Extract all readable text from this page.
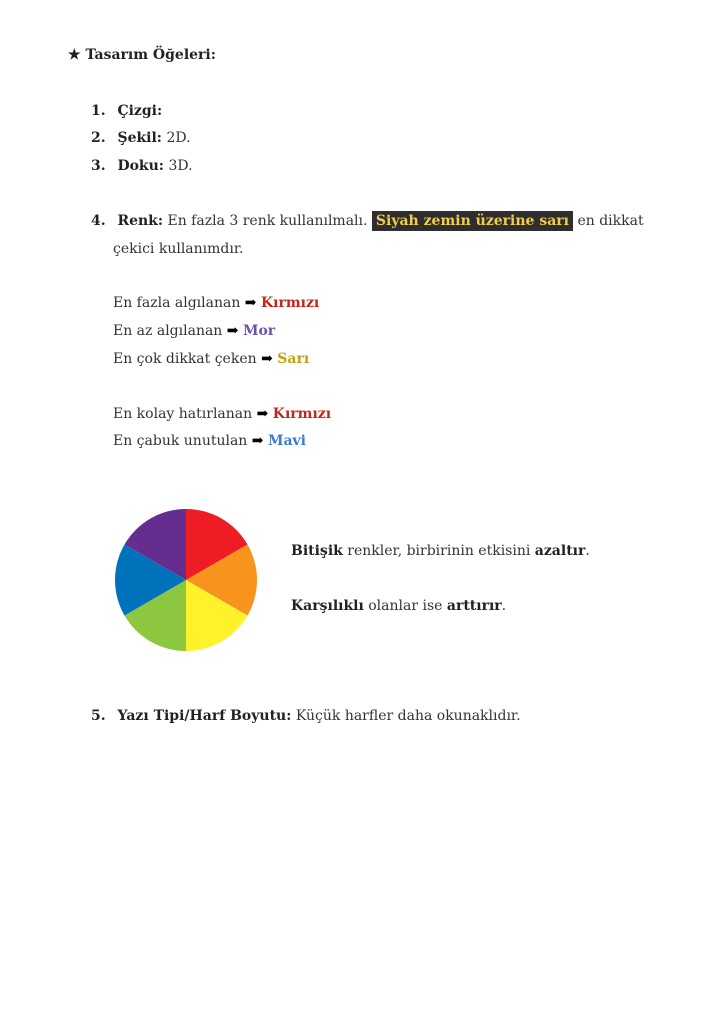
★ Tasarım Öğeleri:
1. Çizgi:
2. Şekil: 2D.
3. Doku: 3D.
4. Renk: En fazla 3 renk kullanılmalı. Siyah zemin üzerine sarı en dikkat
çekici kullanımdır.
En fazla algılanan ➡ Kırmızı
En az algılanan ➡ Mor
En çok dikkat çeken ➡ Sarı
En kolay hatırlanan ➡ Kırmızı
En çabuk unutulan ➡ Mavi
Bitişik renkler, birbirinin etkisini azaltır.
Karşılıklı olanlar ise arttırır.
5. Yazı Tipi/Harf Boyutu: Küçük harfler daha okunaklıdır.
